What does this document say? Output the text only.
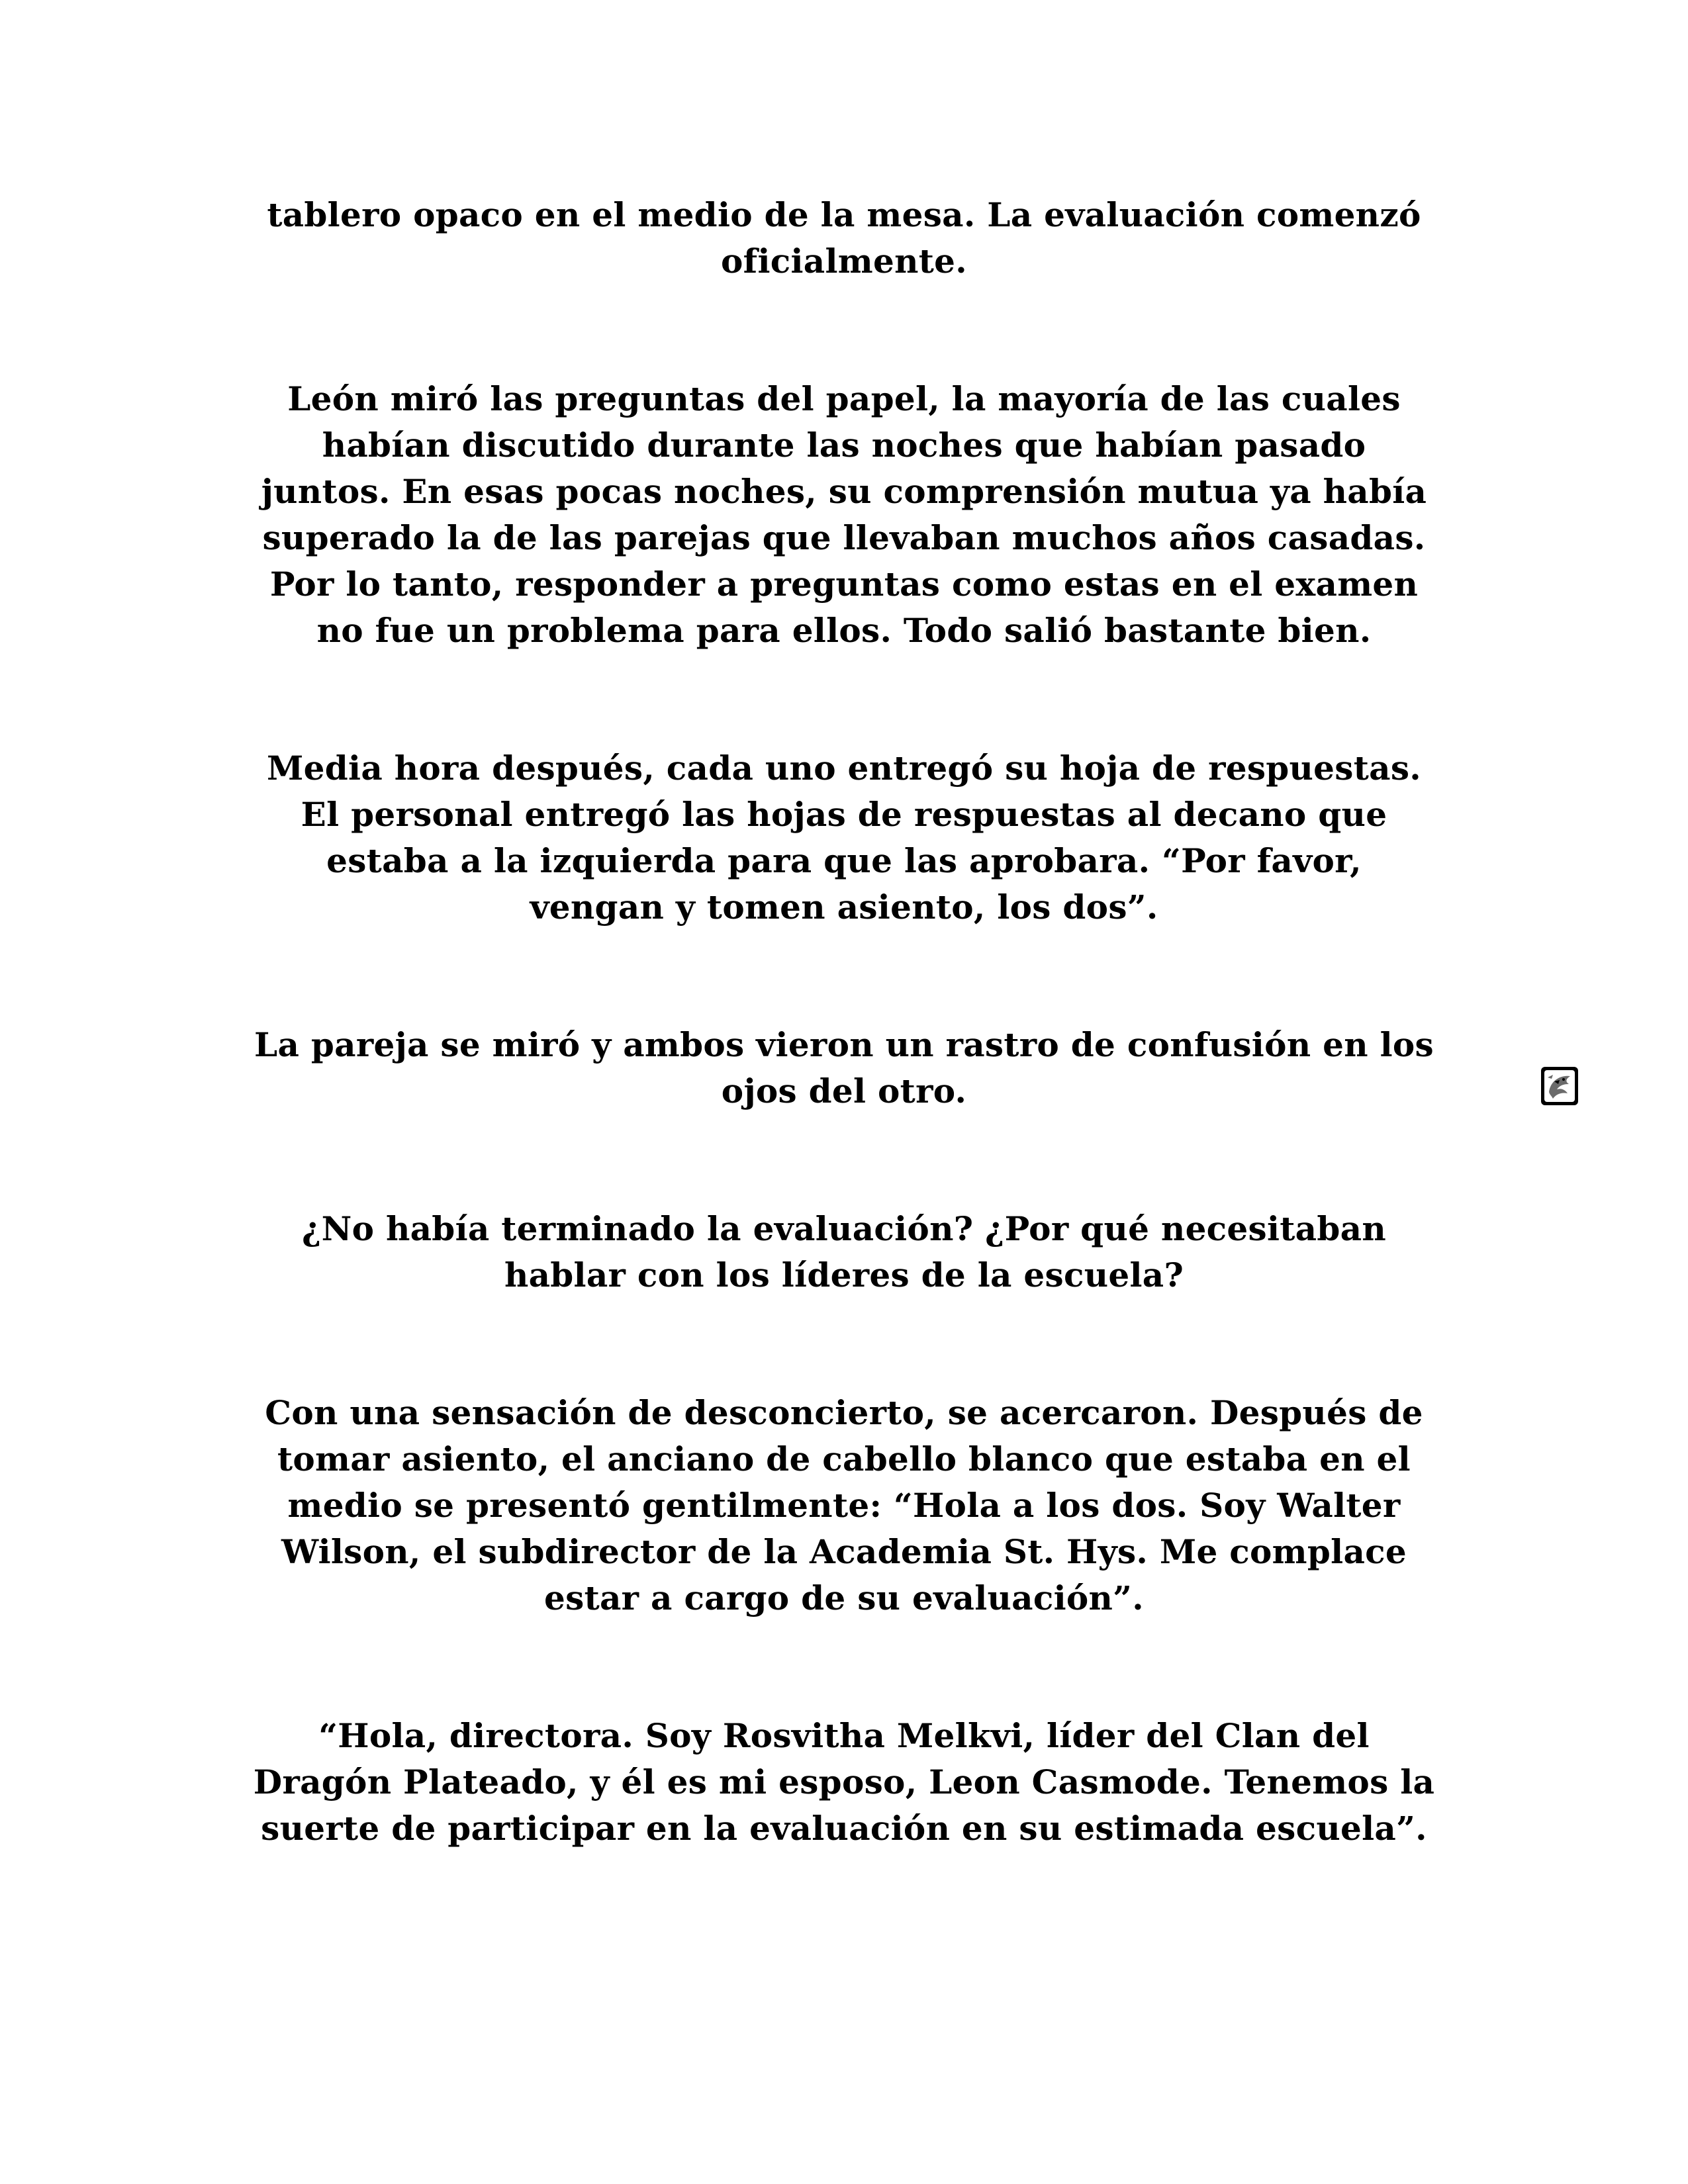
tablero opaco en el medio de la mesa. La evaluación comenzó
oficialmente.

León miró las preguntas del papel, la mayoría de las cuales
habían discutido durante las noches que habían pasado
juntos. En esas pocas noches, su comprensión mutua ya había
superado la de las parejas que llevaban muchos años casadas.
Por lo tanto, responder a preguntas como estas en el examen
no fue un problema para ellos. Todo salió bastante bien.

Media hora después, cada uno entregó su hoja de respuestas.
El personal entregó las hojas de respuestas al decano que
estaba a la izquierda para que las aprobara. “Por favor,
vengan y tomen asiento, los dos”.

La pareja se miró y ambos vieron un rastro de confusión en los
ojos del otro.

¿No había terminado la evaluación? ¿Por qué necesitaban
hablar con los líderes de la escuela?

Con una sensación de desconcierto, se acercaron. Después de
tomar asiento, el anciano de cabello blanco que estaba en el
medio se presentó gentilmente: “Hola a los dos. Soy Walter
Wilson, el subdirector de la Academia St. Hys. Me complace
estar a cargo de su evaluación”.

“Hola, directora. Soy Rosvitha Melkvi, líder del Clan del
Dragón Plateado, y él es mi esposo, Leon Casmode. Tenemos la
suerte de participar en la evaluación en su estimada escuela”.
